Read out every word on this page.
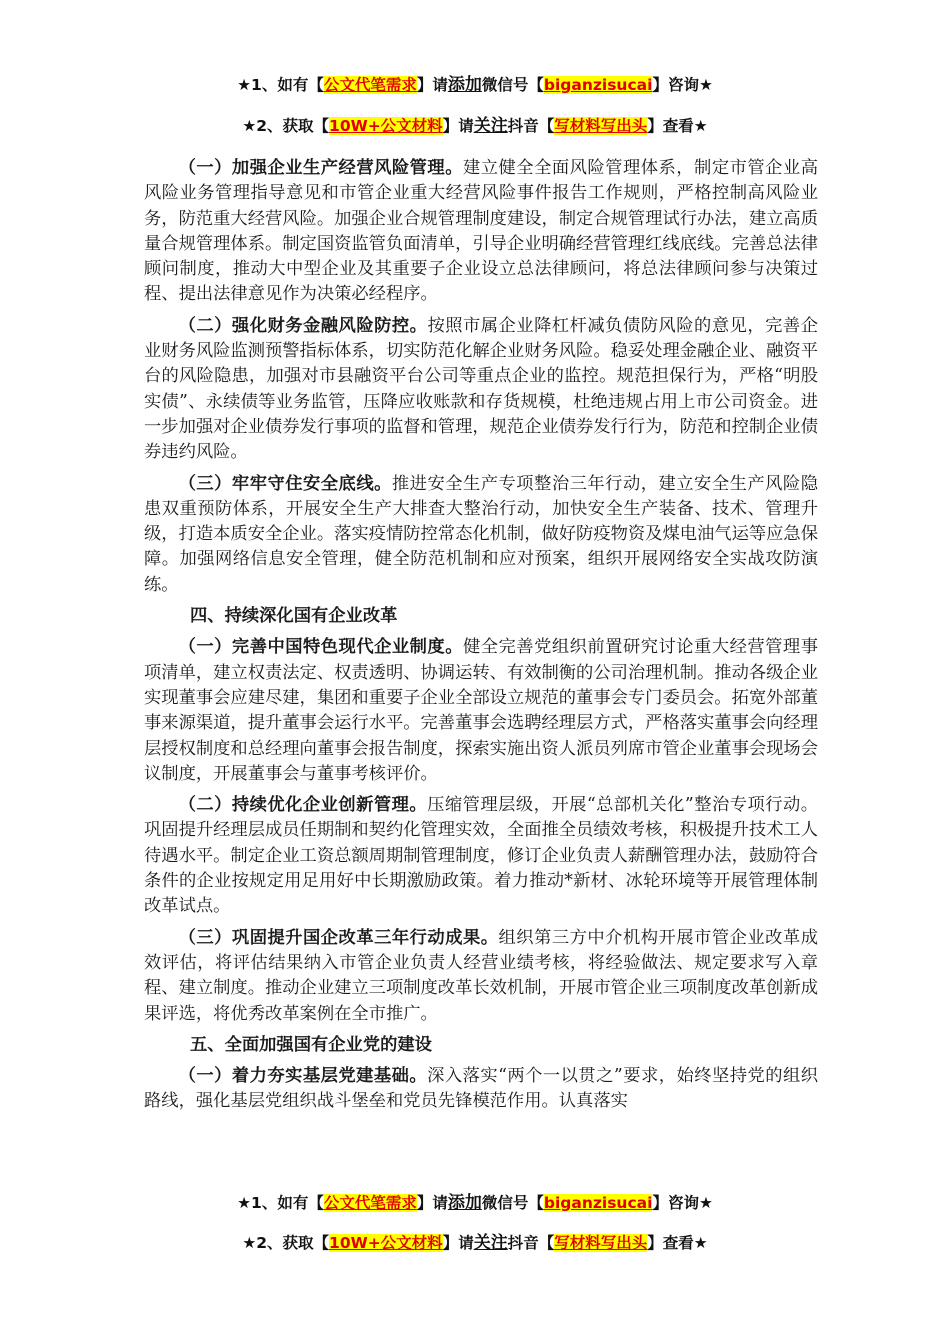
★1、如有【公文代笔需求】请添加微信号【biganzisucai】咨询★
★2、获取【10W+公文材料】请关注抖音【写材料写出头】查看★

（一）加强企业生产经营风险管理。建立健全全面风险管理体系，制定市管企业高风险业务管理指导意见和市管企业重大经营风险事件报告工作规则，严格控制高风险业务，防范重大经营风险。加强企业合规管理制度建设，制定合规管理试行办法，建立高质量合规管理体系。制定国资监管负面清单，引导企业明确经营管理红线底线。完善总法律顾问制度，推动大中型企业及其重要子企业设立总法律顾问，将总法律顾问参与决策过程、提出法律意见作为决策必经程序。

（二）强化财务金融风险防控。按照市属企业降杠杆减负债防风险的意见，完善企业财务风险监测预警指标体系，切实防范化解企业财务风险。稳妥处理金融企业、融资平台的风险隐患，加强对市县融资平台公司等重点企业的监控。规范担保行为，严格“明股实债”、永续债等业务监管，压降应收账款和存货规模，杜绝违规占用上市公司资金。进一步加强对企业债券发行事项的监督和管理，规范企业债券发行行为，防范和控制企业债券违约风险。

（三）牢牢守住安全底线。推进安全生产专项整治三年行动，建立安全生产风险隐患双重预防体系，开展安全生产大排查大整治行动，加快安全生产装备、技术、管理升级，打造本质安全企业。落实疫情防控常态化机制，做好防疫物资及煤电油气运等应急保障。加强网络信息安全管理，健全防范机制和应对预案，组织开展网络安全实战攻防演练。

四、持续深化国有企业改革

（一）完善中国特色现代企业制度。健全完善党组织前置研究讨论重大经营管理事项清单，建立权责法定、权责透明、协调运转、有效制衡的公司治理机制。推动各级企业实现董事会应建尽建，集团和重要子企业全部设立规范的董事会专门委员会。拓宽外部董事来源渠道，提升董事会运行水平。完善董事会选聘经理层方式，严格落实董事会向经理层授权制度和总经理向董事会报告制度，探索实施出资人派员列席市管企业董事会现场会议制度，开展董事会与董事考核评价。

（二）持续优化企业创新管理。压缩管理层级，开展“总部机关化”整治专项行动。巩固提升经理层成员任期制和契约化管理实效，全面推全员绩效考核，积极提升技术工人待遇水平。制定企业工资总额周期制管理制度，修订企业负责人薪酬管理办法，鼓励符合条件的企业按规定用足用好中长期激励政策。着力推动*新材、冰轮环境等开展管理体制改革试点。

（三）巩固提升国企改革三年行动成果。组织第三方中介机构开展市管企业改革成效评估，将评估结果纳入市管企业负责人经营业绩考核，将经验做法、规定要求写入章程、建立制度。推动企业建立三项制度改革长效机制，开展市管企业三项制度改革创新成果评选，将优秀改革案例在全市推广。

五、全面加强国有企业党的建设

（一）着力夯实基层党建基础。深入落实“两个一以贯之”要求，始终坚持党的组织路线，强化基层党组织战斗堡垒和党员先锋模范作用。认真落实

★1、如有【公文代笔需求】请添加微信号【biganzisucai】咨询★
★2、获取【10W+公文材料】请关注抖音【写材料写出头】查看★
